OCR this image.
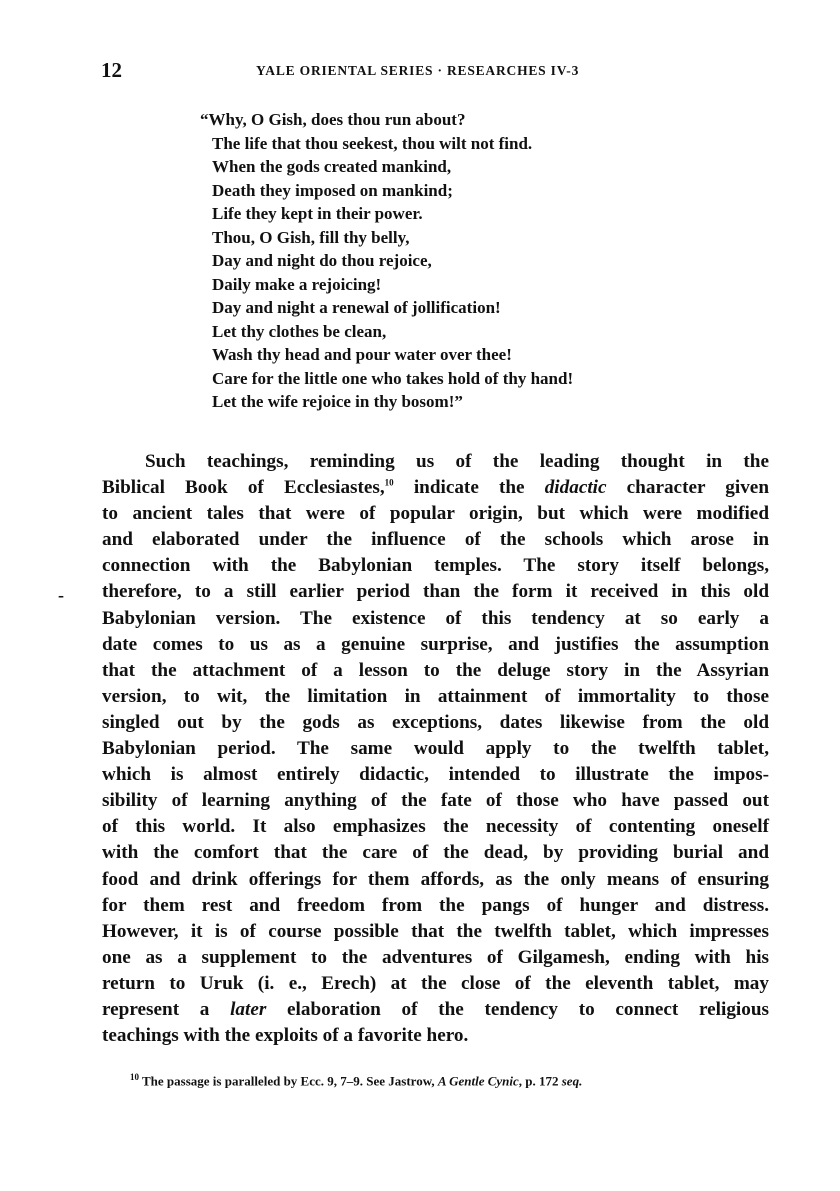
12	YALE ORIENTAL SERIES · RESEARCHES IV-3
“Why, O Gish, does thou run about?
The life that thou seekest, thou wilt not find.
When the gods created mankind,
Death they imposed on mankind;
Life they kept in their power.
Thou, O Gish, fill thy belly,
Day and night do thou rejoice,
Daily make a rejoicing!
Day and night a renewal of jollification!
Let thy clothes be clean,
Wash thy head and pour water over thee!
Care for the little one who takes hold of thy hand!
Let the wife rejoice in thy bosom!”
-
Such teachings, reminding us of the leading thought in the
Biblical Book of Ecclesiastes,$^{10}$ indicate the didactic character given
to ancient tales that were of popular origin, but which were modified
and elaborated under the influence of the schools which arose in
connection with the Babylonian temples. The story itself belongs,
therefore, to a still earlier period than the form it received in this old
Babylonian version. The existence of this tendency at so early a
date comes to us as a genuine surprise, and justifies the assumption
that the attachment of a lesson to the deluge story in the Assyrian
version, to wit, the limitation in attainment of immortality to those
singled out by the gods as exceptions, dates likewise from the old
Babylonian period. The same would apply to the twelfth tablet,
which is almost entirely didactic, intended to illustrate the impos-
sibility of learning anything of the fate of those who have passed out
of this world. It also emphasizes the necessity of contenting oneself
with the comfort that the care of the dead, by providing burial and
food and drink offerings for them affords, as the only means of ensuring
for them rest and freedom from the pangs of hunger and distress.
However, it is of course possible that the twelfth tablet, which impresses
one as a supplement to the adventures of Gilgamesh, ending with his
return to Uruk (i. e., Erech) at the close of the eleventh tablet, may
represent a later elaboration of the tendency to connect religious
teachings with the exploits of a favorite hero.
$^{10}$ The passage is paralleled by Ecc. 9, 7–9. See Jastrow, A Gentle Cynic, p. 172 seq.
